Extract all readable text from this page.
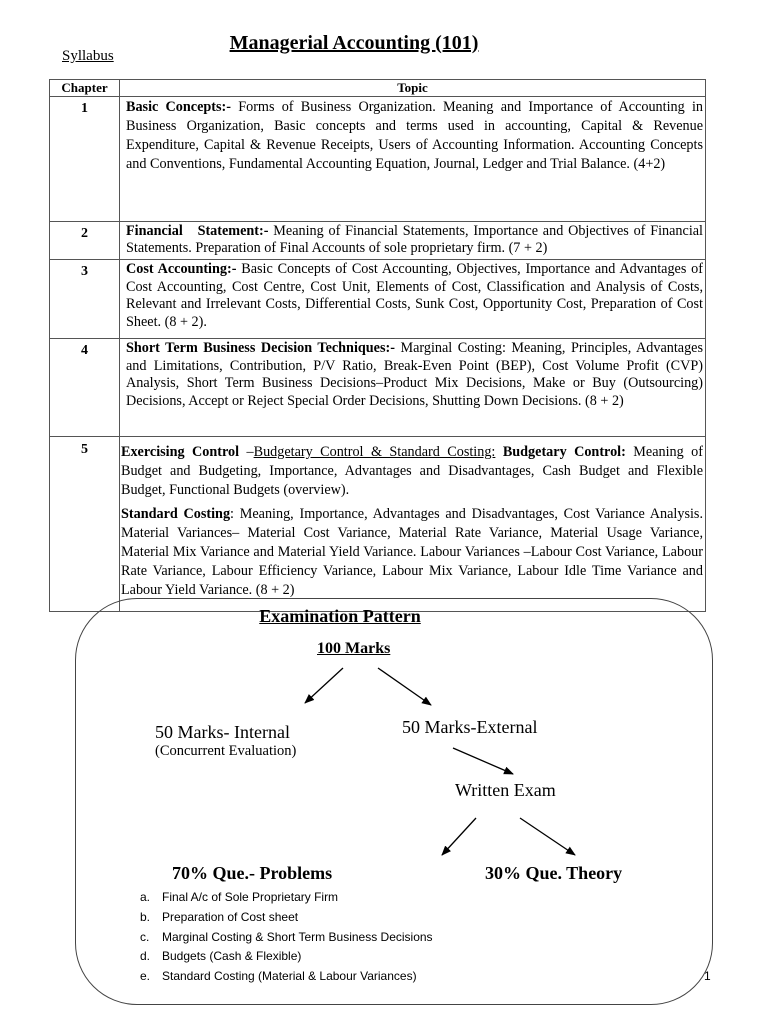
Managerial Accounting (101)
Syllabus
Chapter	Topic
1	Basic Concepts:- Forms of Business Organization. Meaning and Importance of Accounting in Business Organization, Basic concepts and terms used in accounting, Capital & Revenue Expenditure, Capital & Revenue Receipts, Users of Accounting Information. Accounting Concepts and Conventions, Fundamental Accounting Equation, Journal, Ledger and Trial Balance. (4+2)
2	Financial Statement:- Meaning of Financial Statements, Importance and Objectives of Financial Statements. Preparation of Final Accounts of sole proprietary firm. (7 + 2)
3	Cost Accounting:- Basic Concepts of Cost Accounting, Objectives, Importance and Advantages of Cost Accounting, Cost Centre, Cost Unit, Elements of Cost, Classification and Analysis of Costs, Relevant and Irrelevant Costs, Differential Costs, Sunk Cost, Opportunity Cost, Preparation of Cost Sheet. (8 + 2).
4	Short Term Business Decision Techniques:- Marginal Costing: Meaning, Principles, Advantages and Limitations, Contribution, P/V Ratio, Break-Even Point (BEP), Cost Volume Profit (CVP) Analysis, Short Term Business Decisions–Product Mix Decisions, Make or Buy (Outsourcing) Decisions, Accept or Reject Special Order Decisions, Shutting Down Decisions. (8 + 2)
5	Exercising Control –Budgetary Control & Standard Costing: Budgetary Control: Meaning of Budget and Budgeting, Importance, Advantages and Disadvantages, Cash Budget and Flexible Budget, Functional Budgets (overview).
Standard Costing: Meaning, Importance, Advantages and Disadvantages, Cost Variance Analysis. Material Variances– Material Cost Variance, Material Rate Variance, Material Usage Variance, Material Mix Variance and Material Yield Variance. Labour Variances –Labour Cost Variance, Labour Rate Variance, Labour Efficiency Variance, Labour Mix Variance, Labour Idle Time Variance and Labour Yield Variance. (8 + 2)
Examination Pattern
100 Marks
50 Marks- Internal
(Concurrent Evaluation)
50 Marks-External
Written Exam
70% Que.- Problems	30% Que. Theory
a. Final A/c of Sole Proprietary Firm
b. Preparation of Cost sheet
c. Marginal Costing & Short Term Business Decisions
d. Budgets (Cash & Flexible)
e. Standard Costing (Material & Labour Variances)	1
